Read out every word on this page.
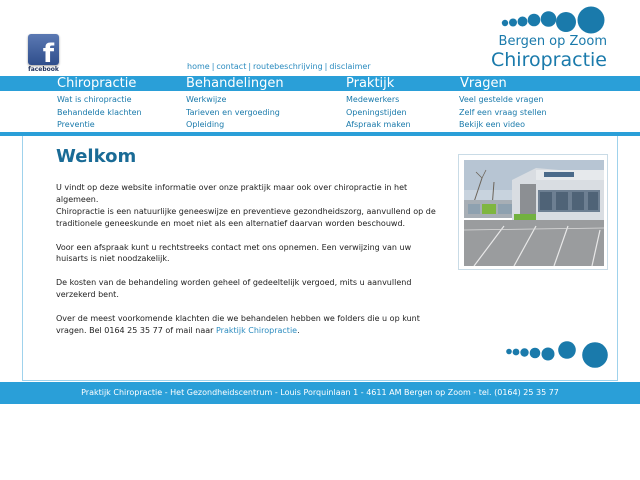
f
facebook	home | contact | routebeschrijving | disclaimer
Bergen op Zoom
Chiropractie
Chiropractie	Behandelingen	Praktijk	Vragen
Wat is chiropractie
Behandelde klachten
Preventie
Werkwijze
Tarieven en vergoeding
Opleiding
Medewerkers
Openingstijden
Afspraak maken
Veel gestelde vragen
Zelf een vraag stellen
Bekijk een video
Welkom

U vindt op deze website informatie over onze praktijk maar ook over chiropractie in het algemeen.
Chiropractie is een natuurlijke geneeswijze en preventieve gezondheidszorg, aanvullend op de traditionele geneeskunde en moet niet als een alternatief daarvan worden beschouwd.

Voor een afspraak kunt u rechtstreeks contact met ons opnemen. Een verwijzing van uw huisarts is niet noodzakelijk.

De kosten van de behandeling worden geheel of gedeeltelijk vergoed, mits u aanvullend verzekerd bent.

Over de meest voorkomende klachten die we behandelen hebben we folders die u op kunt vragen. Bel 0164 25 35 77 of mail naar Praktijk Chiropractie.

Praktijk Chiropractie - Het Gezondheidscentrum - Louis Porquinlaan 1 - 4611 AM Bergen op Zoom - tel. (0164) 25 35 77
